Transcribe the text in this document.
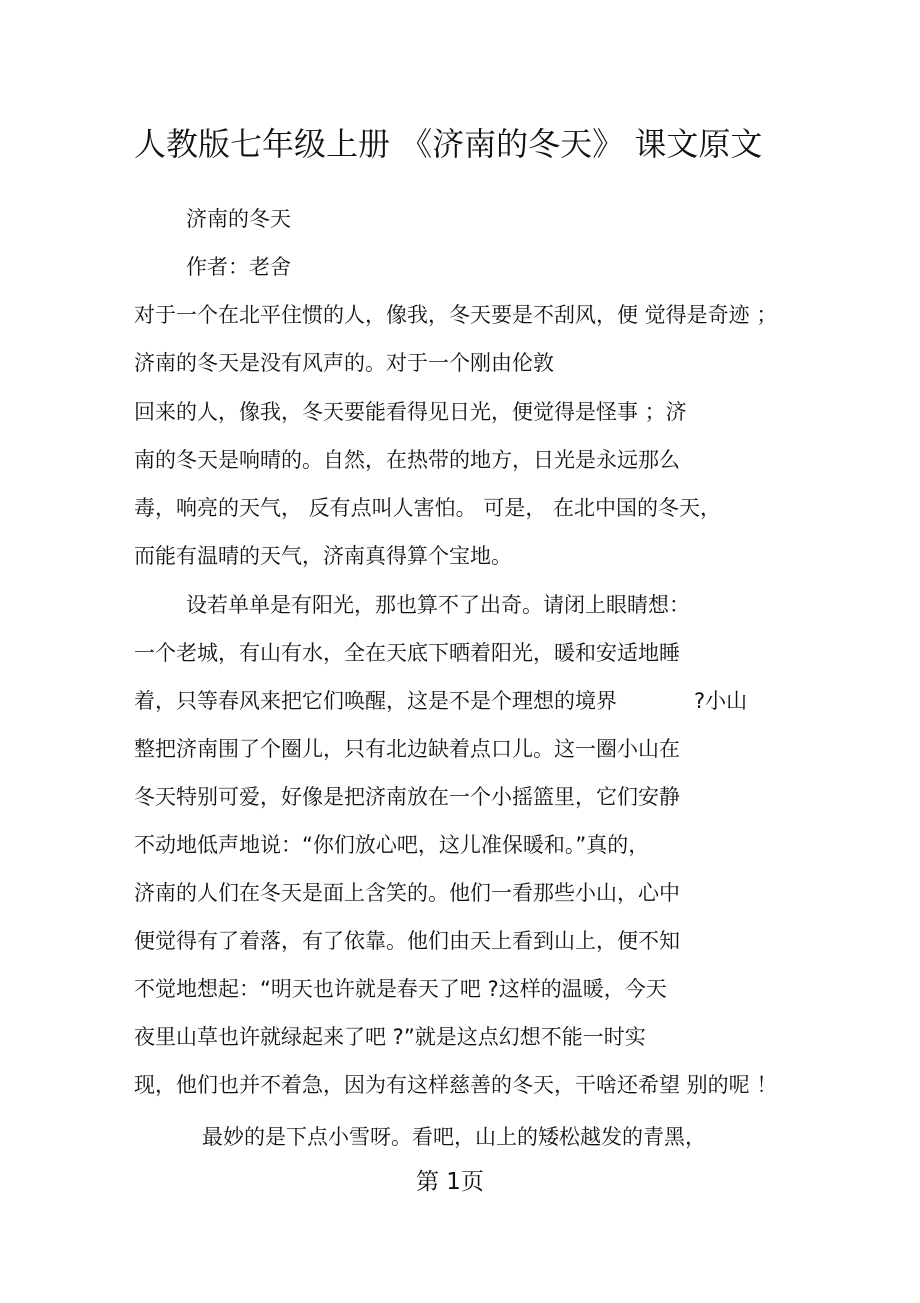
人教版七年级上册 《济南的冬天》 课文原文
济南的冬天
作者：老舍
对于一个在北平住惯的人，像我，冬天要是不刮风，便 觉得是奇迹 ；
济南的冬天是没有风声的。对于一个刚由伦敦
回来的人，像我，冬天要能看得见日光，便觉得是怪事 ；济
南的冬天是响晴的。自然，在热带的地方，日光是永远那么
毒，响亮的天气， 反有点叫人害怕。 可是， 在北中国的冬天，
而能有温晴的天气，济南真得算个宝地。
设若单单是有阳光，那也算不了出奇。请闭上眼睛想：
一个老城，有山有水，全在天底下晒着阳光，暖和安适地睡
着，只等春风来把它们唤醒，这是不是个理想的境界	?小山
整把济南围了个圈儿，只有北边缺着点口儿。这一圈小山在
冬天特别可爱，好像是把济南放在一个小摇篮里，它们安静
不动地低声地说：“你们放心吧，这儿准保暖和。”真的，
济南的人们在冬天是面上含笑的。他们一看那些小山，心中
便觉得有了着落，有了依靠。他们由天上看到山上，便不知
不觉地想起：“明天也许就是春天了吧 ?这样的温暖，今天
夜里山草也许就绿起来了吧 ?”就是这点幻想不能一时实
现，他们也并不着急，因为有这样慈善的冬天，干啥还希望 别的呢 ！
最妙的是下点小雪呀。看吧，山上的矮松越发的青黑，
第 1页
